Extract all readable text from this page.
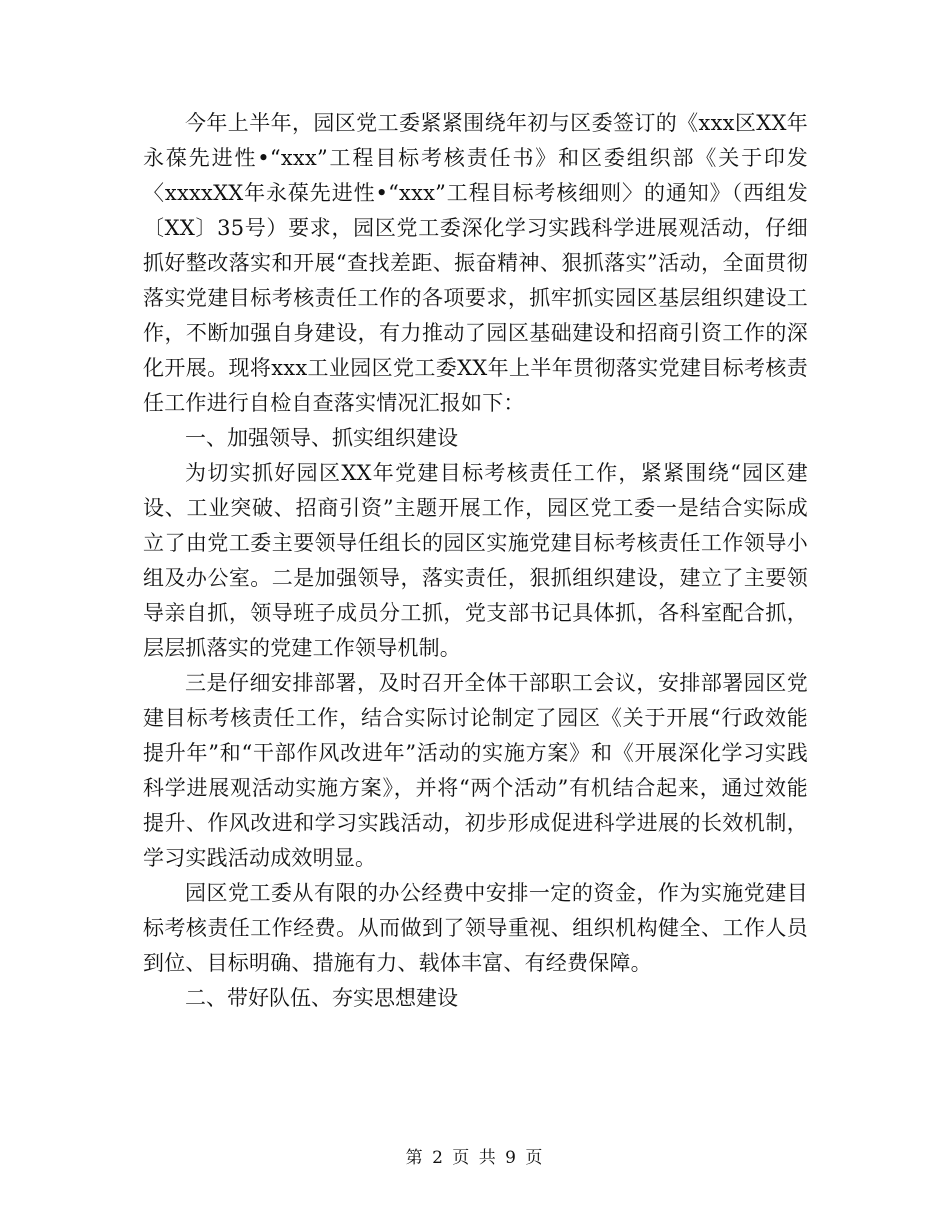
今年上半年，园区党工委紧紧围绕年初与区委签订的《xxx区XX年永葆先进性•“xxx”工程目标考核责任书》和区委组织部《关于印发〈xxxxXX年永葆先进性•“xxx”工程目标考核细则〉的通知》（西组发〔XX〕35号）要求，园区党工委深化学习实践科学进展观活动，仔细抓好整改落实和开展“查找差距、振奋精神、狠抓落实”活动，全面贯彻落实党建目标考核责任工作的各项要求，抓牢抓实园区基层组织建设工作，不断加强自身建设，有力推动了园区基础建设和招商引资工作的深化开展。现将xxx工业园区党工委XX年上半年贯彻落实党建目标考核责任工作进行自检自查落实情况汇报如下：

一、加强领导、抓实组织建设

为切实抓好园区XX年党建目标考核责任工作，紧紧围绕“园区建设、工业突破、招商引资”主题开展工作，园区党工委一是结合实际成立了由党工委主要领导任组长的园区实施党建目标考核责任工作领导小组及办公室。二是加强领导，落实责任，狠抓组织建设，建立了主要领导亲自抓，领导班子成员分工抓，党支部书记具体抓，各科室配合抓，层层抓落实的党建工作领导机制。

三是仔细安排部署，及时召开全体干部职工会议，安排部署园区党建目标考核责任工作，结合实际讨论制定了园区《关于开展“行政效能提升年”和“干部作风改进年”活动的实施方案》和《开展深化学习实践科学进展观活动实施方案》，并将“两个活动”有机结合起来，通过效能提升、作风改进和学习实践活动，初步形成促进科学进展的长效机制，学习实践活动成效明显。

园区党工委从有限的办公经费中安排一定的资金，作为实施党建目标考核责任工作经费。从而做到了领导重视、组织机构健全、工作人员到位、目标明确、措施有力、载体丰富、有经费保障。

二、带好队伍、夯实思想建设

第 2 页 共 9 页
